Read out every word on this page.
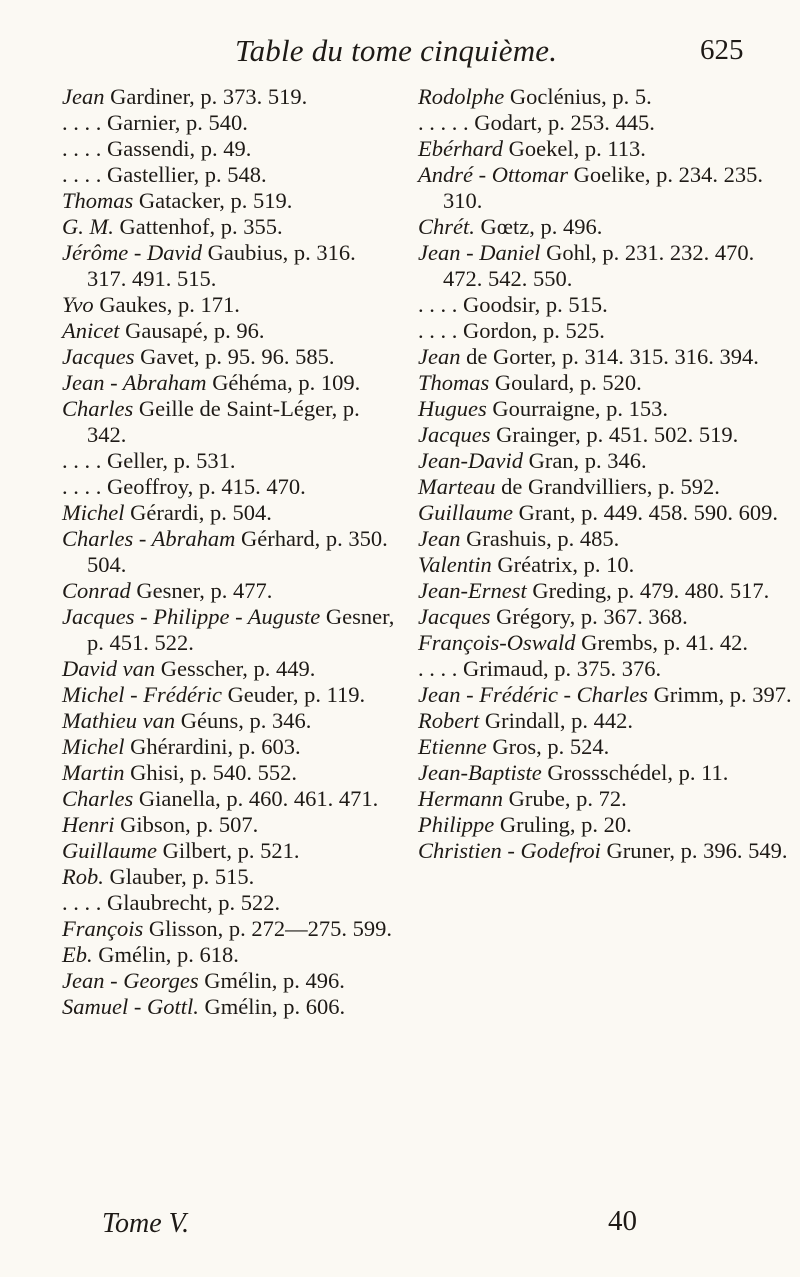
Table du tome cinquième.	625
Jean Gardiner, p. 373. 519.
. . . . Garnier, p. 540.
. . . . Gassendi, p. 49.
. . . . Gastellier, p. 548.
Thomas Gatacker, p. 519.
G. M. Gattenhof, p. 355.
Jérôme - David Gaubius, p. 316. 317. 491. 515.
Yvo Gaukes, p. 171.
Anicet Gausapé, p. 96.
Jacques Gavet, p. 95. 96. 585.
Jean - Abraham Géhéma, p. 109.
Charles Geille de Saint-Léger, p. 342.
. . . . Geller, p. 531.
. . . . Geoffroy, p. 415. 470.
Michel Gérardi, p. 504.
Charles - Abraham Gérhard, p. 350. 504.
Conrad Gesner, p. 477.
Jacques - Philippe - Auguste Gesner, p. 451. 522.
David van Gesscher, p. 449.
Michel - Frédéric Geuder, p. 119.
Mathieu van Géuns, p. 346.
Michel Ghérardini, p. 603.
Martin Ghisi, p. 540. 552.
Charles Gianella, p. 460. 461. 471.
Henri Gibson, p. 507.
Guillaume Gilbert, p. 521.
Rob. Glauber, p. 515.
. . . . Glaubrecht, p. 522.
François Glisson, p. 272—275. 599.
Eb. Gmélin, p. 618.
Jean - Georges Gmélin, p. 496.
Samuel - Gottl. Gmélin, p. 606.
Rodolphe Goclénius, p. 5.
. . . . . Godart, p. 253. 445.
Ebérhard Goekel, p. 113.
André - Ottomar Goelike, p. 234. 235. 310.
Chrét. Gœtz, p. 496.
Jean - Daniel Gohl, p. 231. 232. 470. 472. 542. 550.
. . . . Goodsir, p. 515.
. . . . Gordon, p. 525.
Jean de Gorter, p. 314. 315. 316. 394.
Thomas Goulard, p. 520.
Hugues Gourraigne, p. 153.
Jacques Grainger, p. 451. 502. 519.
Jean-David Gran, p. 346.
Marteau de Grandvilliers, p. 592.
Guillaume Grant, p. 449. 458. 590. 609.
Jean Grashuis, p. 485.
Valentin Gréatrix, p. 10.
Jean-Ernest Greding, p. 479. 480. 517.
Jacques Grégory, p. 367. 368.
François-Oswald Grembs, p. 41. 42.
. . . . Grimaud, p. 375. 376.
Jean - Frédéric - Charles Grimm, p. 397.
Robert Grindall, p. 442.
Etienne Gros, p. 524.
Jean-Baptiste Grossschédel, p. 11.
Hermann Grube, p. 72.
Philippe Gruling, p. 20.
Christien - Godefroi Gruner, p. 396. 549.
Tome V.	40
